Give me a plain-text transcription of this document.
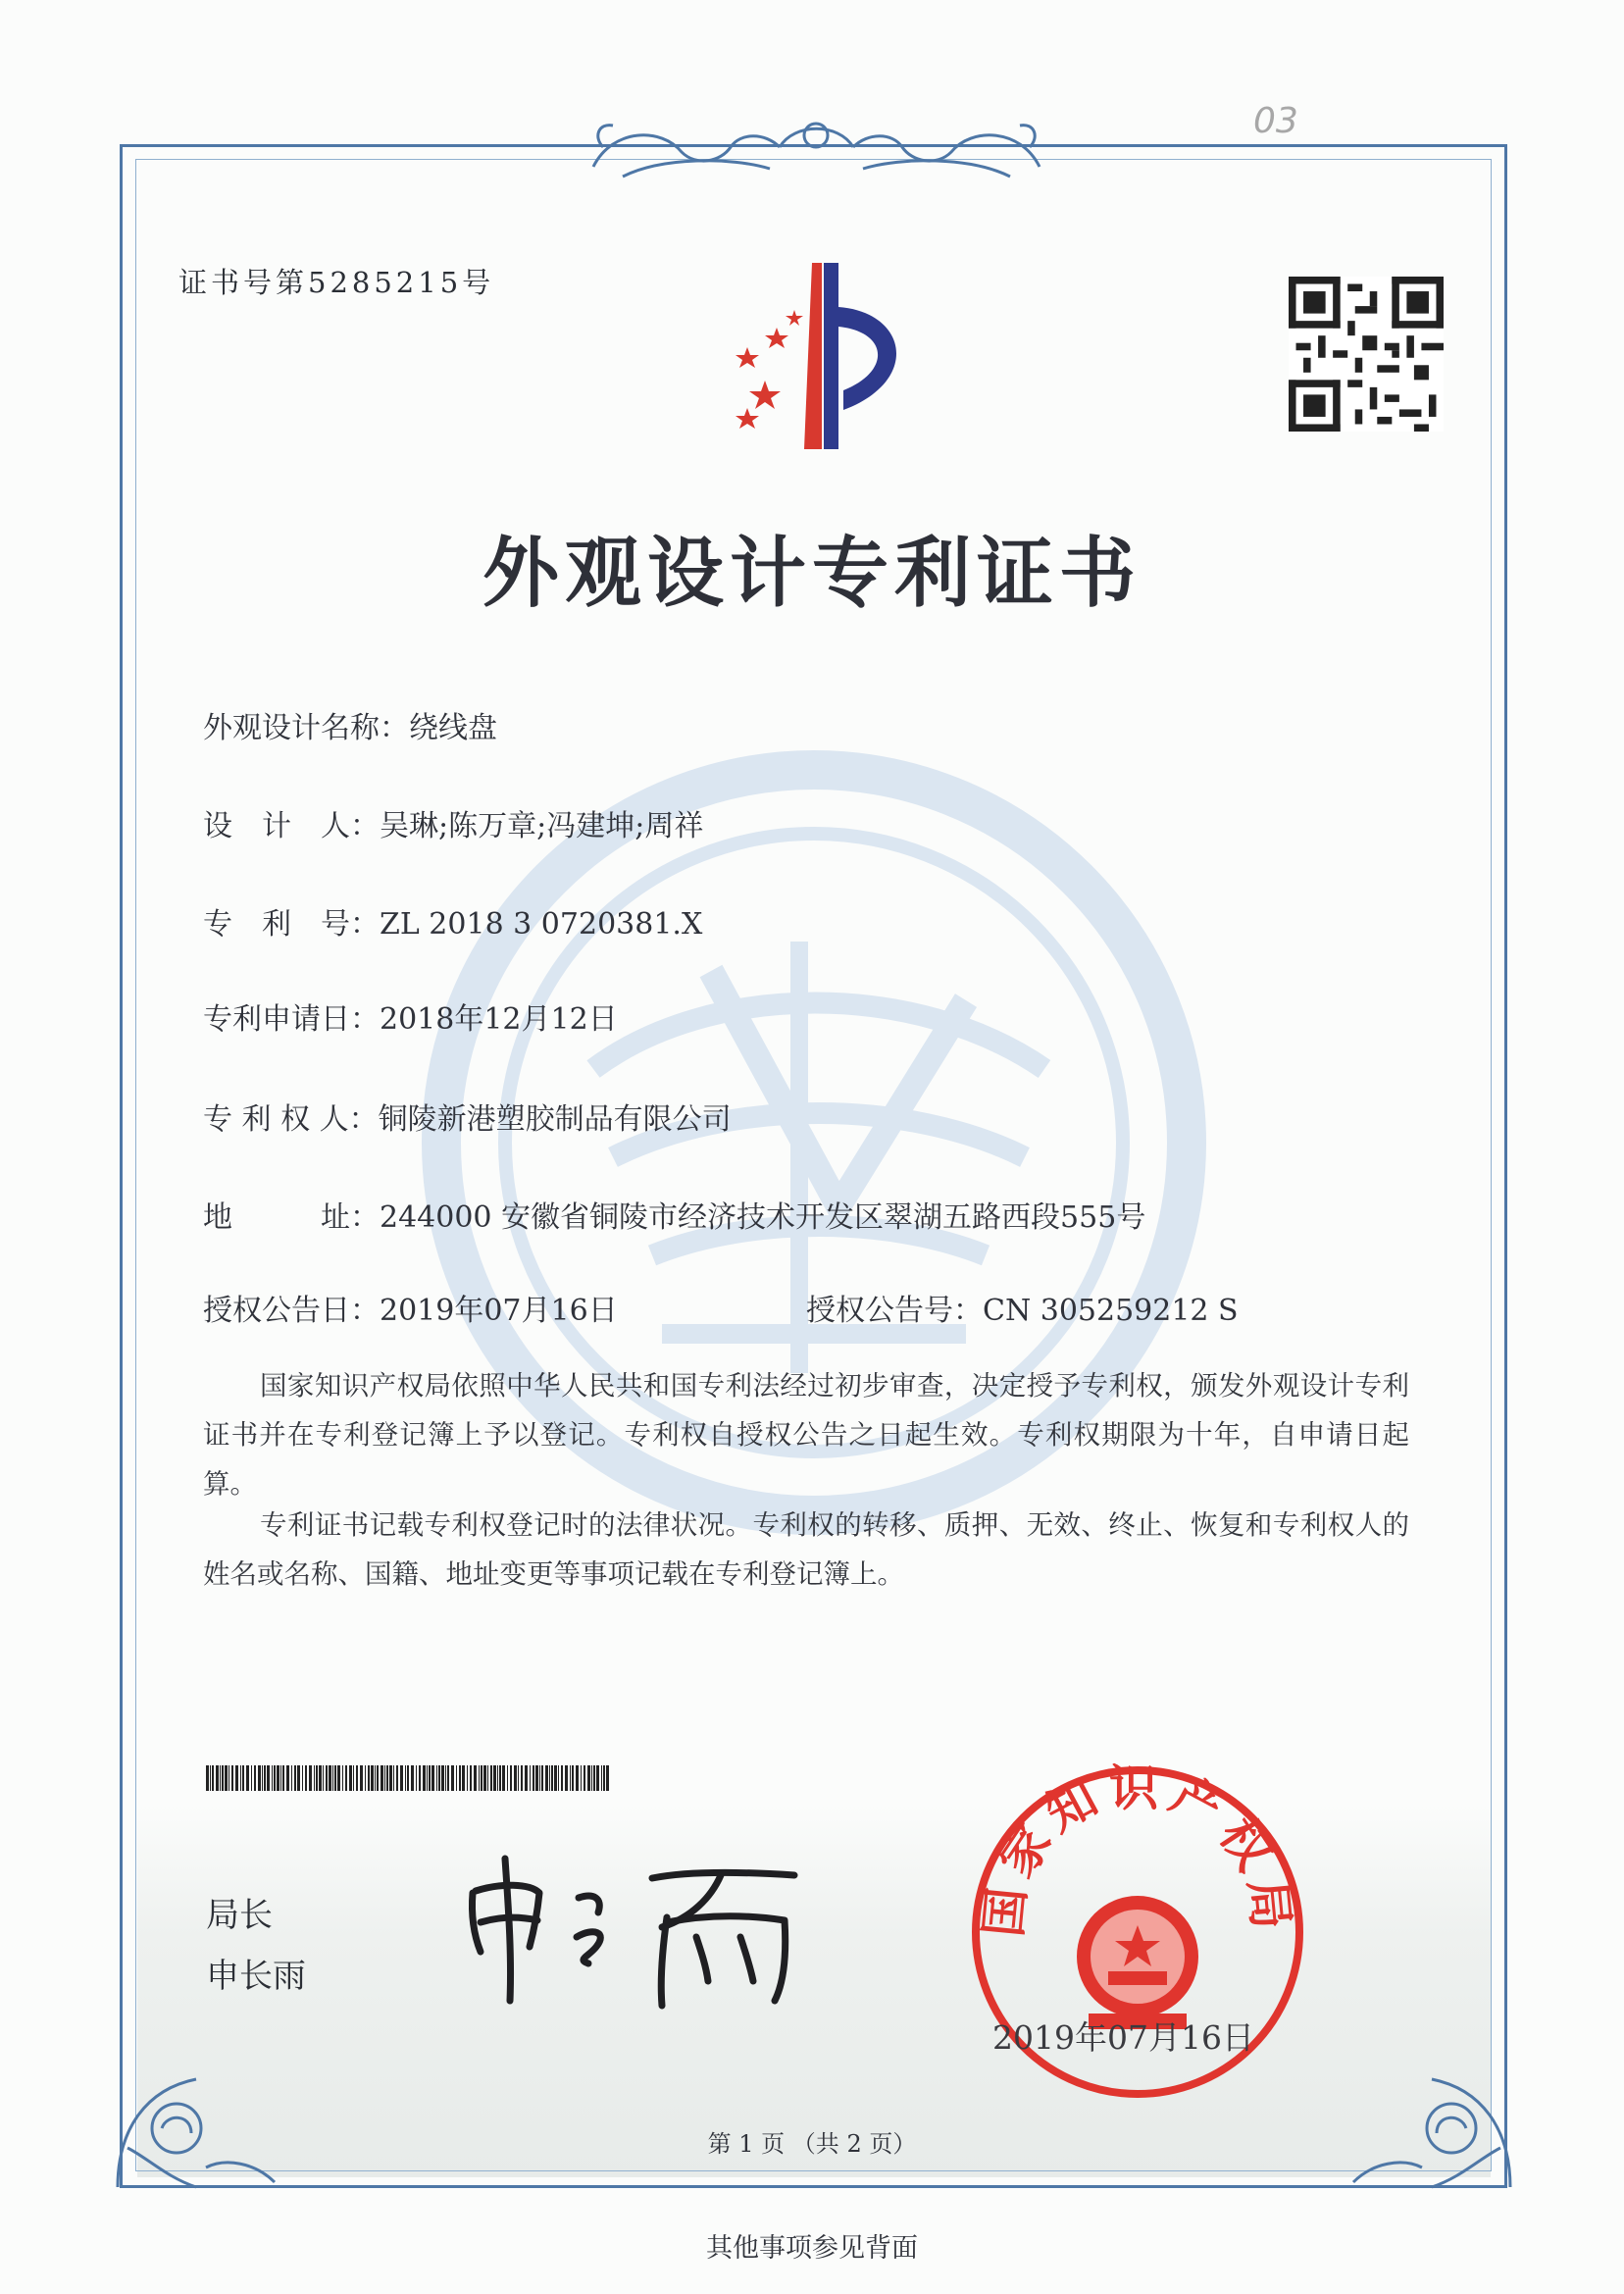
03
证书号第5285215号
外观设计专利证书
外观设计名称：绕线盘
设　计　人：吴琳;陈万章;冯建坤;周祥
专　利　号：ZL 2018 3 0720381.X
专利申请日：2018年12月12日
专 利 权 人：铜陵新港塑胶制品有限公司
地　　　址：244000 安徽省铜陵市经济技术开发区翠湖五路西段555号
授权公告日：2019年07月16日	授权公告号：CN 305259212 S
国家知识产权局依照中华人民共和国专利法经过初步审查，决定授予专利权，颁发外观设计专利证书并在专利登记簿上予以登记。专利权自授权公告之日起生效。专利权期限为十年，自申请日起算。
专利证书记载专利权登记时的法律状况。专利权的转移、质押、无效、终止、恢复和专利权人的姓名或名称、国籍、地址变更等事项记载在专利登记簿上。
局长
申长雨
国家知识产权局
2019年07月16日
第 1 页 （共 2 页）
其他事项参见背面
